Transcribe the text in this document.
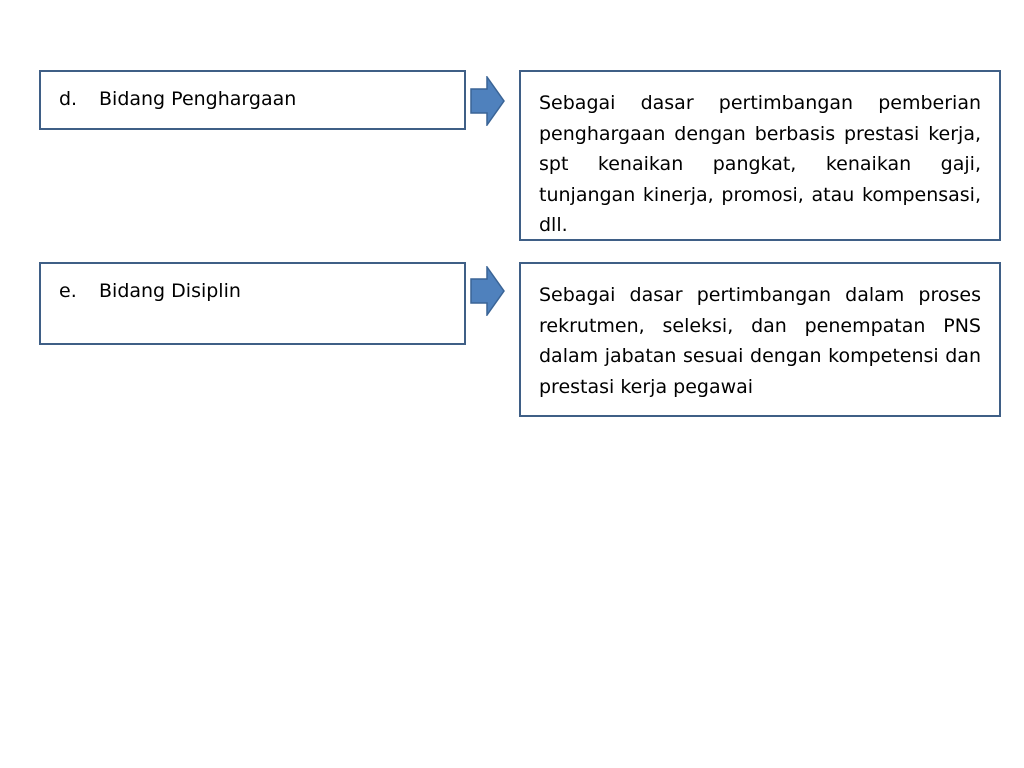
d. Bidang Penghargaan	Sebagai dasar pertimbangan pemberian penghargaan dengan berbasis prestasi kerja, spt kenaikan pangkat, kenaikan gaji, tunjangan kinerja, promosi, atau kompensasi, dll.
e. Bidang Disiplin	Sebagai dasar pertimbangan dalam proses rekrutmen, seleksi, dan penempatan PNS dalam jabatan sesuai dengan kompetensi dan prestasi kerja pegawai
